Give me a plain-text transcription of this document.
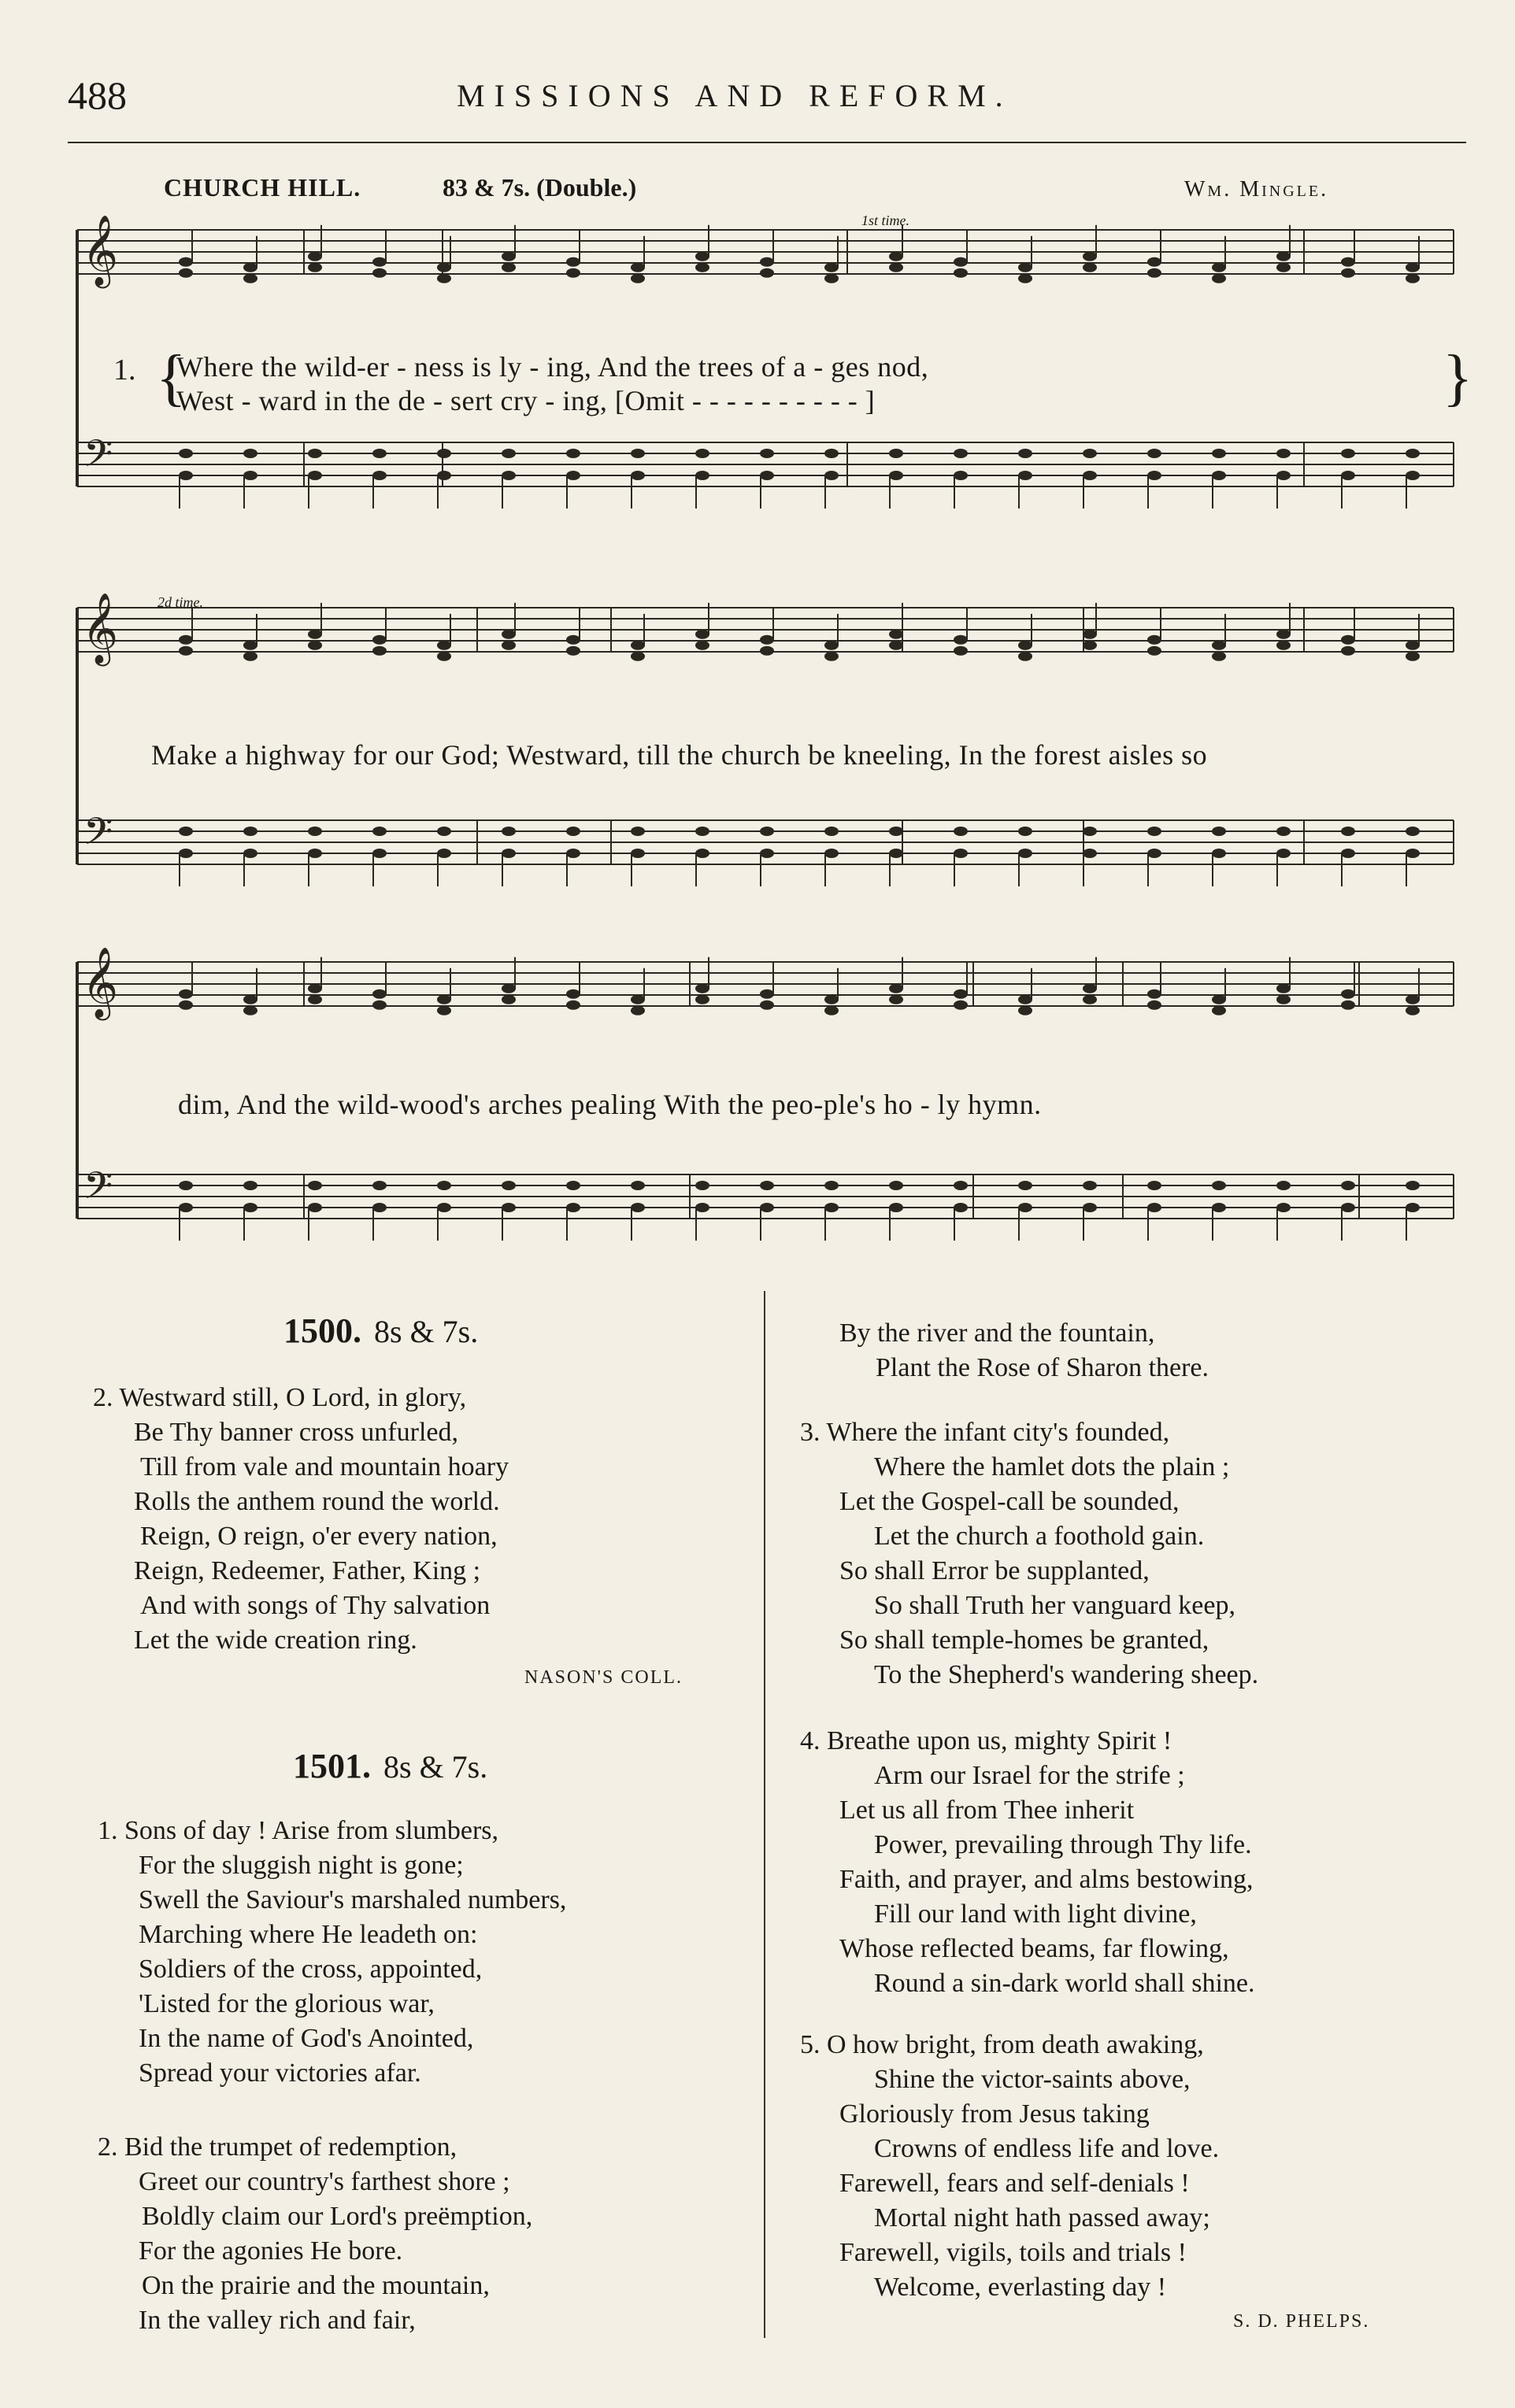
488	MISSIONS AND REFORM.
CHURCH HILL.	83 & 7s. (Double.)	Wm. Mingle.
𝄞
𝄢
1st time.
1. {
Where the wild-er - ness is ly - ing, And the trees of a - ges nod,
West - ward in the de - sert cry - ing, [Omit - - - - - - - - - - ]	}
𝄞
𝄢
2d time.
Make a highway for our God; Westward, till the church be kneeling, In the forest aisles so
𝄞
𝄢
dim, And the wild-wood's arches pealing With the peo-ple's ho - ly hymn.
1500. 8s & 7s.
2. Westward still, O Lord, in glory,
Be Thy banner cross unfurled,
Till from vale and mountain hoary
Rolls the anthem round the world.
Reign, O reign, o'er every nation,
Reign, Redeemer, Father, King ;
And with songs of Thy salvation
Let the wide creation ring.
NASON'S COLL.
1501. 8s & 7s.
1. Sons of day ! Arise from slumbers,
For the sluggish night is gone;
Swell the Saviour's marshaled numbers,
Marching where He leadeth on:
Soldiers of the cross, appointed,
'Listed for the glorious war,
In the name of God's Anointed,
Spread your victories afar.
2. Bid the trumpet of redemption,
Greet our country's farthest shore ;
Boldly claim our Lord's preëmption,
For the agonies He bore.
On the prairie and the mountain,
In the valley rich and fair,
By the river and the fountain,
Plant the Rose of Sharon there.
3. Where the infant city's founded,
Where the hamlet dots the plain ;
Let the Gospel-call be sounded,
Let the church a foothold gain.
So shall Error be supplanted,
So shall Truth her vanguard keep,
So shall temple-homes be granted,
To the Shepherd's wandering sheep.
4. Breathe upon us, mighty Spirit !
Arm our Israel for the strife ;
Let us all from Thee inherit
Power, prevailing through Thy life.
Faith, and prayer, and alms bestowing,
Fill our land with light divine,
Whose reflected beams, far flowing,
Round a sin-dark world shall shine.
5. O how bright, from death awaking,
Shine the victor-saints above,
Gloriously from Jesus taking
Crowns of endless life and love.
Farewell, fears and self-denials !
Mortal night hath passed away;
Farewell, vigils, toils and trials !
Welcome, everlasting day !
S. D. PHELPS.
